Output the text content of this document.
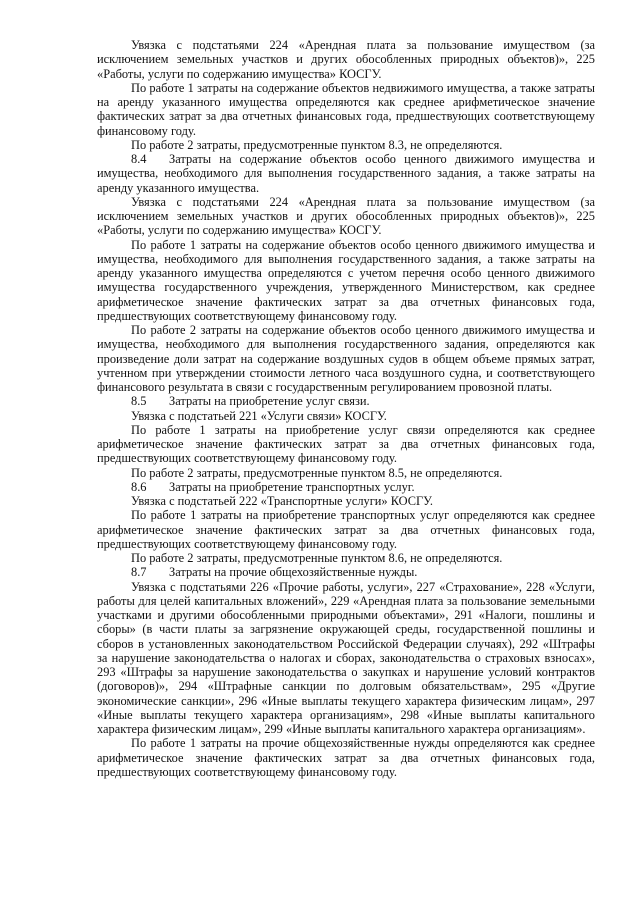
Увязка с подстатьями 224 «Арендная плата за пользование имуществом (за исключением земельных участков и других обособленных природных объектов)», 225 «Работы, услуги по содержанию имущества» КОСГУ.

По работе 1 затраты на содержание объектов недвижимого имущества, а также затраты на аренду указанного имущества определяются как среднее арифметическое значение фактических затрат за два отчетных финансовых года, предшествующих соответствующему финансовому году.

По работе 2 затраты, предусмотренные пунктом 8.3, не определяются.

8.4 Затраты на содержание объектов особо ценного движимого имущества и имущества, необходимого для выполнения государственного задания, а также затраты на аренду указанного имущества.

Увязка с подстатьями 224 «Арендная плата за пользование имуществом (за исключением земельных участков и других обособленных природных объектов)», 225 «Работы, услуги по содержанию имущества» КОСГУ.

По работе 1 затраты на содержание объектов особо ценного движимого имущества и имущества, необходимого для выполнения государственного задания, а также затраты на аренду указанного имущества определяются с учетом перечня особо ценного движимого имущества государственного учреждения, утвержденного Министерством, как среднее арифметическое значение фактических затрат за два отчетных финансовых года, предшествующих соответствующему финансовому году.

По работе 2 затраты на содержание объектов особо ценного движимого имущества и имущества, необходимого для выполнения государственного задания, определяются как произведение доли затрат на содержание воздушных судов в общем объеме прямых затрат, учтенном при утверждении стоимости летного часа воздушного судна, и соответствующего финансового результата в связи с государственным регулированием провозной платы.

8.5 Затраты на приобретение услуг связи.

Увязка с подстатьей 221 «Услуги связи» КОСГУ.

По работе 1 затраты на приобретение услуг связи определяются как среднее арифметическое значение фактических затрат за два отчетных финансовых года, предшествующих соответствующему финансовому году.

По работе 2 затраты, предусмотренные пунктом 8.5, не определяются.

8.6 Затраты на приобретение транспортных услуг.

Увязка с подстатьей 222 «Транспортные услуги» КОСГУ.

По работе 1 затраты на приобретение транспортных услуг определяются как среднее арифметическое значение фактических затрат за два отчетных финансовых года, предшествующих соответствующему финансовому году.

По работе 2 затраты, предусмотренные пунктом 8.6, не определяются.

8.7 Затраты на прочие общехозяйственные нужды.

Увязка с подстатьями 226 «Прочие работы, услуги», 227 «Страхование», 228 «Услуги, работы для целей капитальных вложений», 229 «Арендная плата за пользование земельными участками и другими обособленными природными объектами», 291 «Налоги, пошлины и сборы» (в части платы за загрязнение окружающей среды, государственной пошлины и сборов в установленных законодательством Российской Федерации случаях), 292 «Штрафы за нарушение законодательства о налогах и сборах, законодательства о страховых взносах», 293 «Штрафы за нарушение законодательства о закупках и нарушение условий контрактов (договоров)», 294 «Штрафные санкции по долговым обязательствам», 295 «Другие экономические санкции», 296 «Иные выплаты текущего характера физическим лицам», 297 «Иные выплаты текущего характера организациям», 298 «Иные выплаты капитального характера физическим лицам», 299 «Иные выплаты капитального характера организациям».

По работе 1 затраты на прочие общехозяйственные нужды определяются как среднее арифметическое значение фактических затрат за два отчетных финансовых года, предшествующих соответствующему финансовому году.
